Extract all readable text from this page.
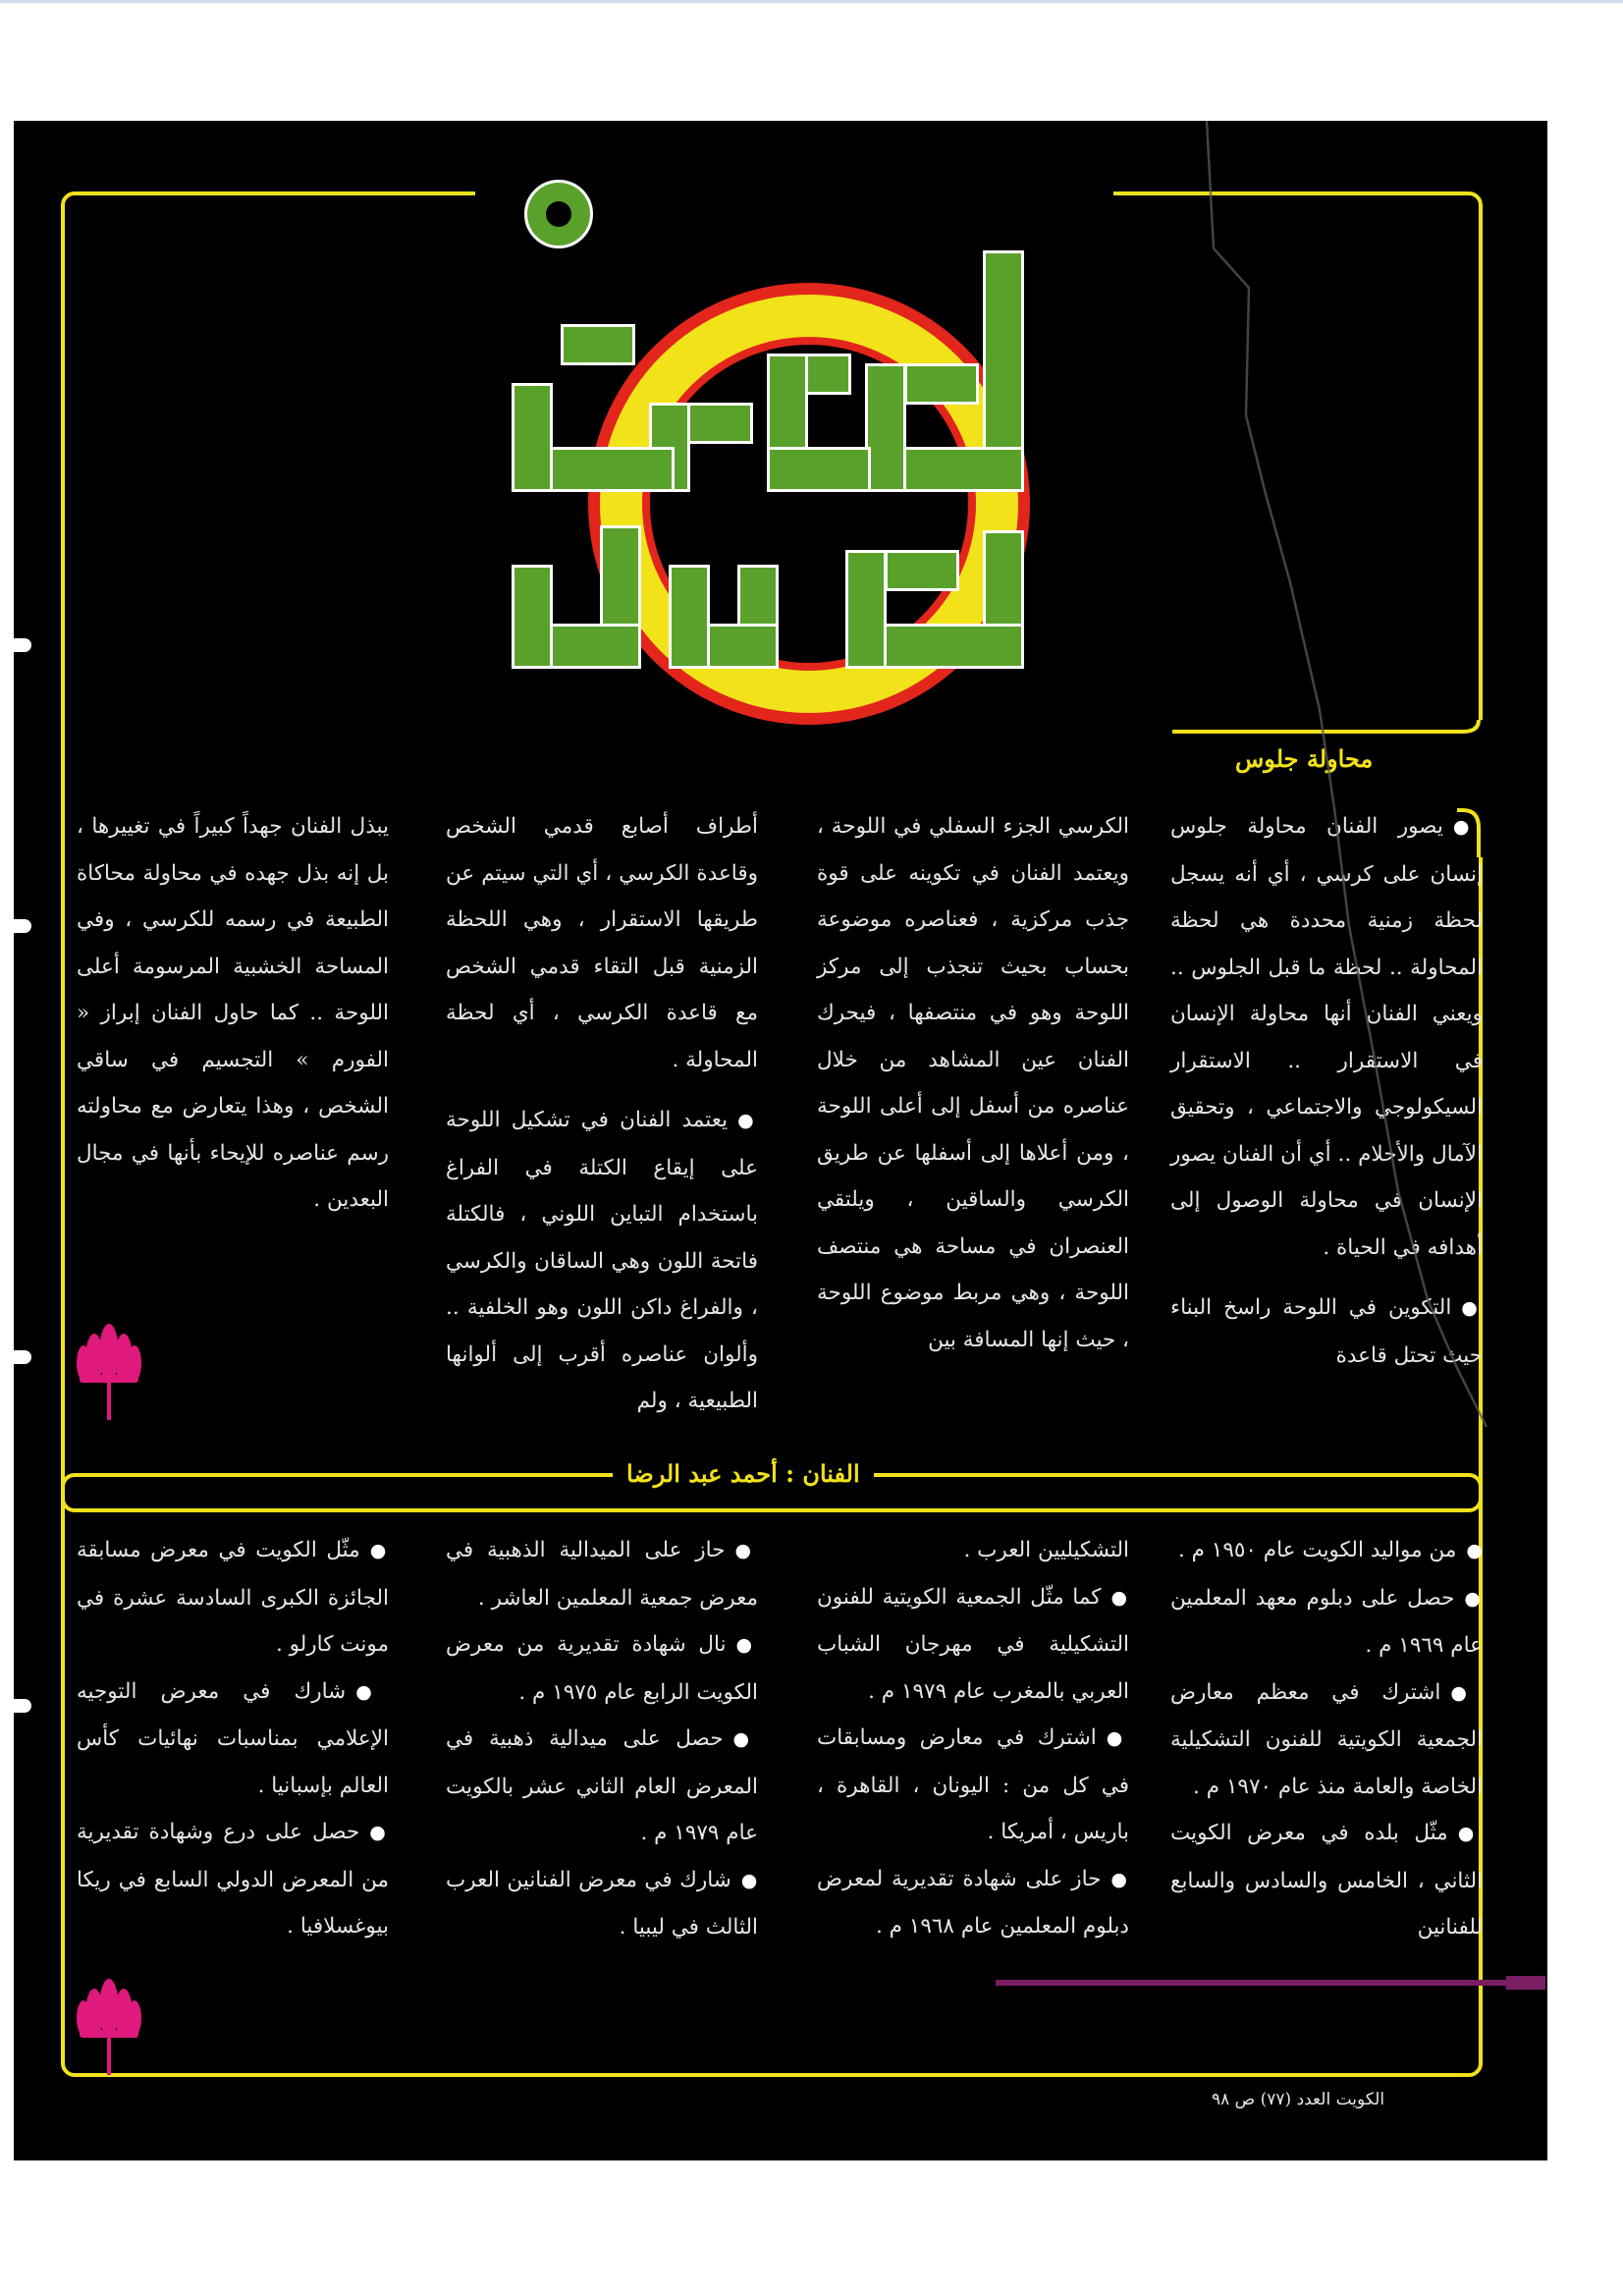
محاولة جلوس
الفنان : أحمد عبد الرضا

● يصور الفنان محاولة جلوس إنسان على كرسي ، أي أنه يسجل لحظة زمنية محددة هي لحظة المحاولة .. لحظة ما قبل الجلوس .. ويعني الفنان أنها محاولة الإنسان في الاستقرار .. الاستقرار السيكولوجي والاجتماعي ، وتحقيق الآمال والأحلام .. أي أن الفنان يصور الإنسان في محاولة الوصول إلى أهدافه في الحياة .

● التكوين في اللوحة راسخ البناء حيث تحتل قاعدة

الكرسي الجزء السفلي في اللوحة ، ويعتمد الفنان في تكوينه على قوة جذب مركزية ، فعناصره موضوعة بحساب بحيث تنجذب إلى مركز اللوحة وهو في منتصفها ، فيحرك الفنان عين المشاهد من خلال عناصره من أسفل إلى أعلى اللوحة ، ومن أعلاها إلى أسفلها عن طريق الكرسي والساقين ، ويلتقي العنصران في مساحة هي منتصف اللوحة ، وهي مربط موضوع اللوحة ، حيث إنها المسافة بين

أطراف أصابع قدمي الشخص وقاعدة الكرسي ، أي التي سيتم عن طريقها الاستقرار ، وهي اللحظة الزمنية قبل التقاء قدمي الشخص مع قاعدة الكرسي ، أي لحظة المحاولة .

● يعتمد الفنان في تشكيل اللوحة على إيقاع الكتلة في الفراغ باستخدام التباين اللوني ، فالكتلة فاتحة اللون وهي الساقان والكرسي ، والفراغ داكن اللون وهو الخلفية .. وألوان عناصره أقرب إلى ألوانها الطبيعية ، ولم

يبذل الفنان جهداً كبيراً في تغييرها ، بل إنه بذل جهده في محاولة محاكاة الطبيعة في رسمه للكرسي ، وفي المساحة الخشبية المرسومة أعلى اللوحة .. كما حاول الفنان إبراز « الفورم » التجسيم في ساقي الشخص ، وهذا يتعارض مع محاولته رسم عناصره للإيحاء بأنها في مجال البعدين .

● من مواليد الكويت عام ١٩٥٠ م .

● حصل على دبلوم معهد المعلمين عام ١٩٦٩ م .

● اشترك في معظم معارض الجمعية الكويتية للفنون التشكيلية الخاصة والعامة منذ عام ١٩٧٠ م .

● مثّل بلده في معرض الكويت الثاني ، الخامس والسادس والسابع للفنانين

التشكيليين العرب .

● كما مثّل الجمعية الكويتية للفنون التشكيلية في مهرجان الشباب العربي بالمغرب عام ١٩٧٩ م .

● اشترك في معارض ومسابقات في كل من : اليونان ، القاهرة ، باريس ، أمريكا .

● حاز على شهادة تقديرية لمعرض دبلوم المعلمين عام ١٩٦٨ م .

● حاز على الميدالية الذهبية في معرض جمعية المعلمين العاشر .

● نال شهادة تقديرية من معرض الكويت الرابع عام ١٩٧٥ م .

● حصل على ميدالية ذهبية في المعرض العام الثاني عشر بالكويت عام ١٩٧٩ م .

● شارك في معرض الفنانين العرب الثالث في ليبيا .

● مثّل الكويت في معرض مسابقة الجائزة الكبرى السادسة عشرة في مونت كارلو .

● شارك في معرض التوجيه الإعلامي بمناسبات نهائيات كأس العالم بإسبانيا .

● حصل على درع وشهادة تقديرية من المعرض الدولي السابع في ريكا بيوغسلافيا .

الكويت العدد (٧٧) ص ٩٨
